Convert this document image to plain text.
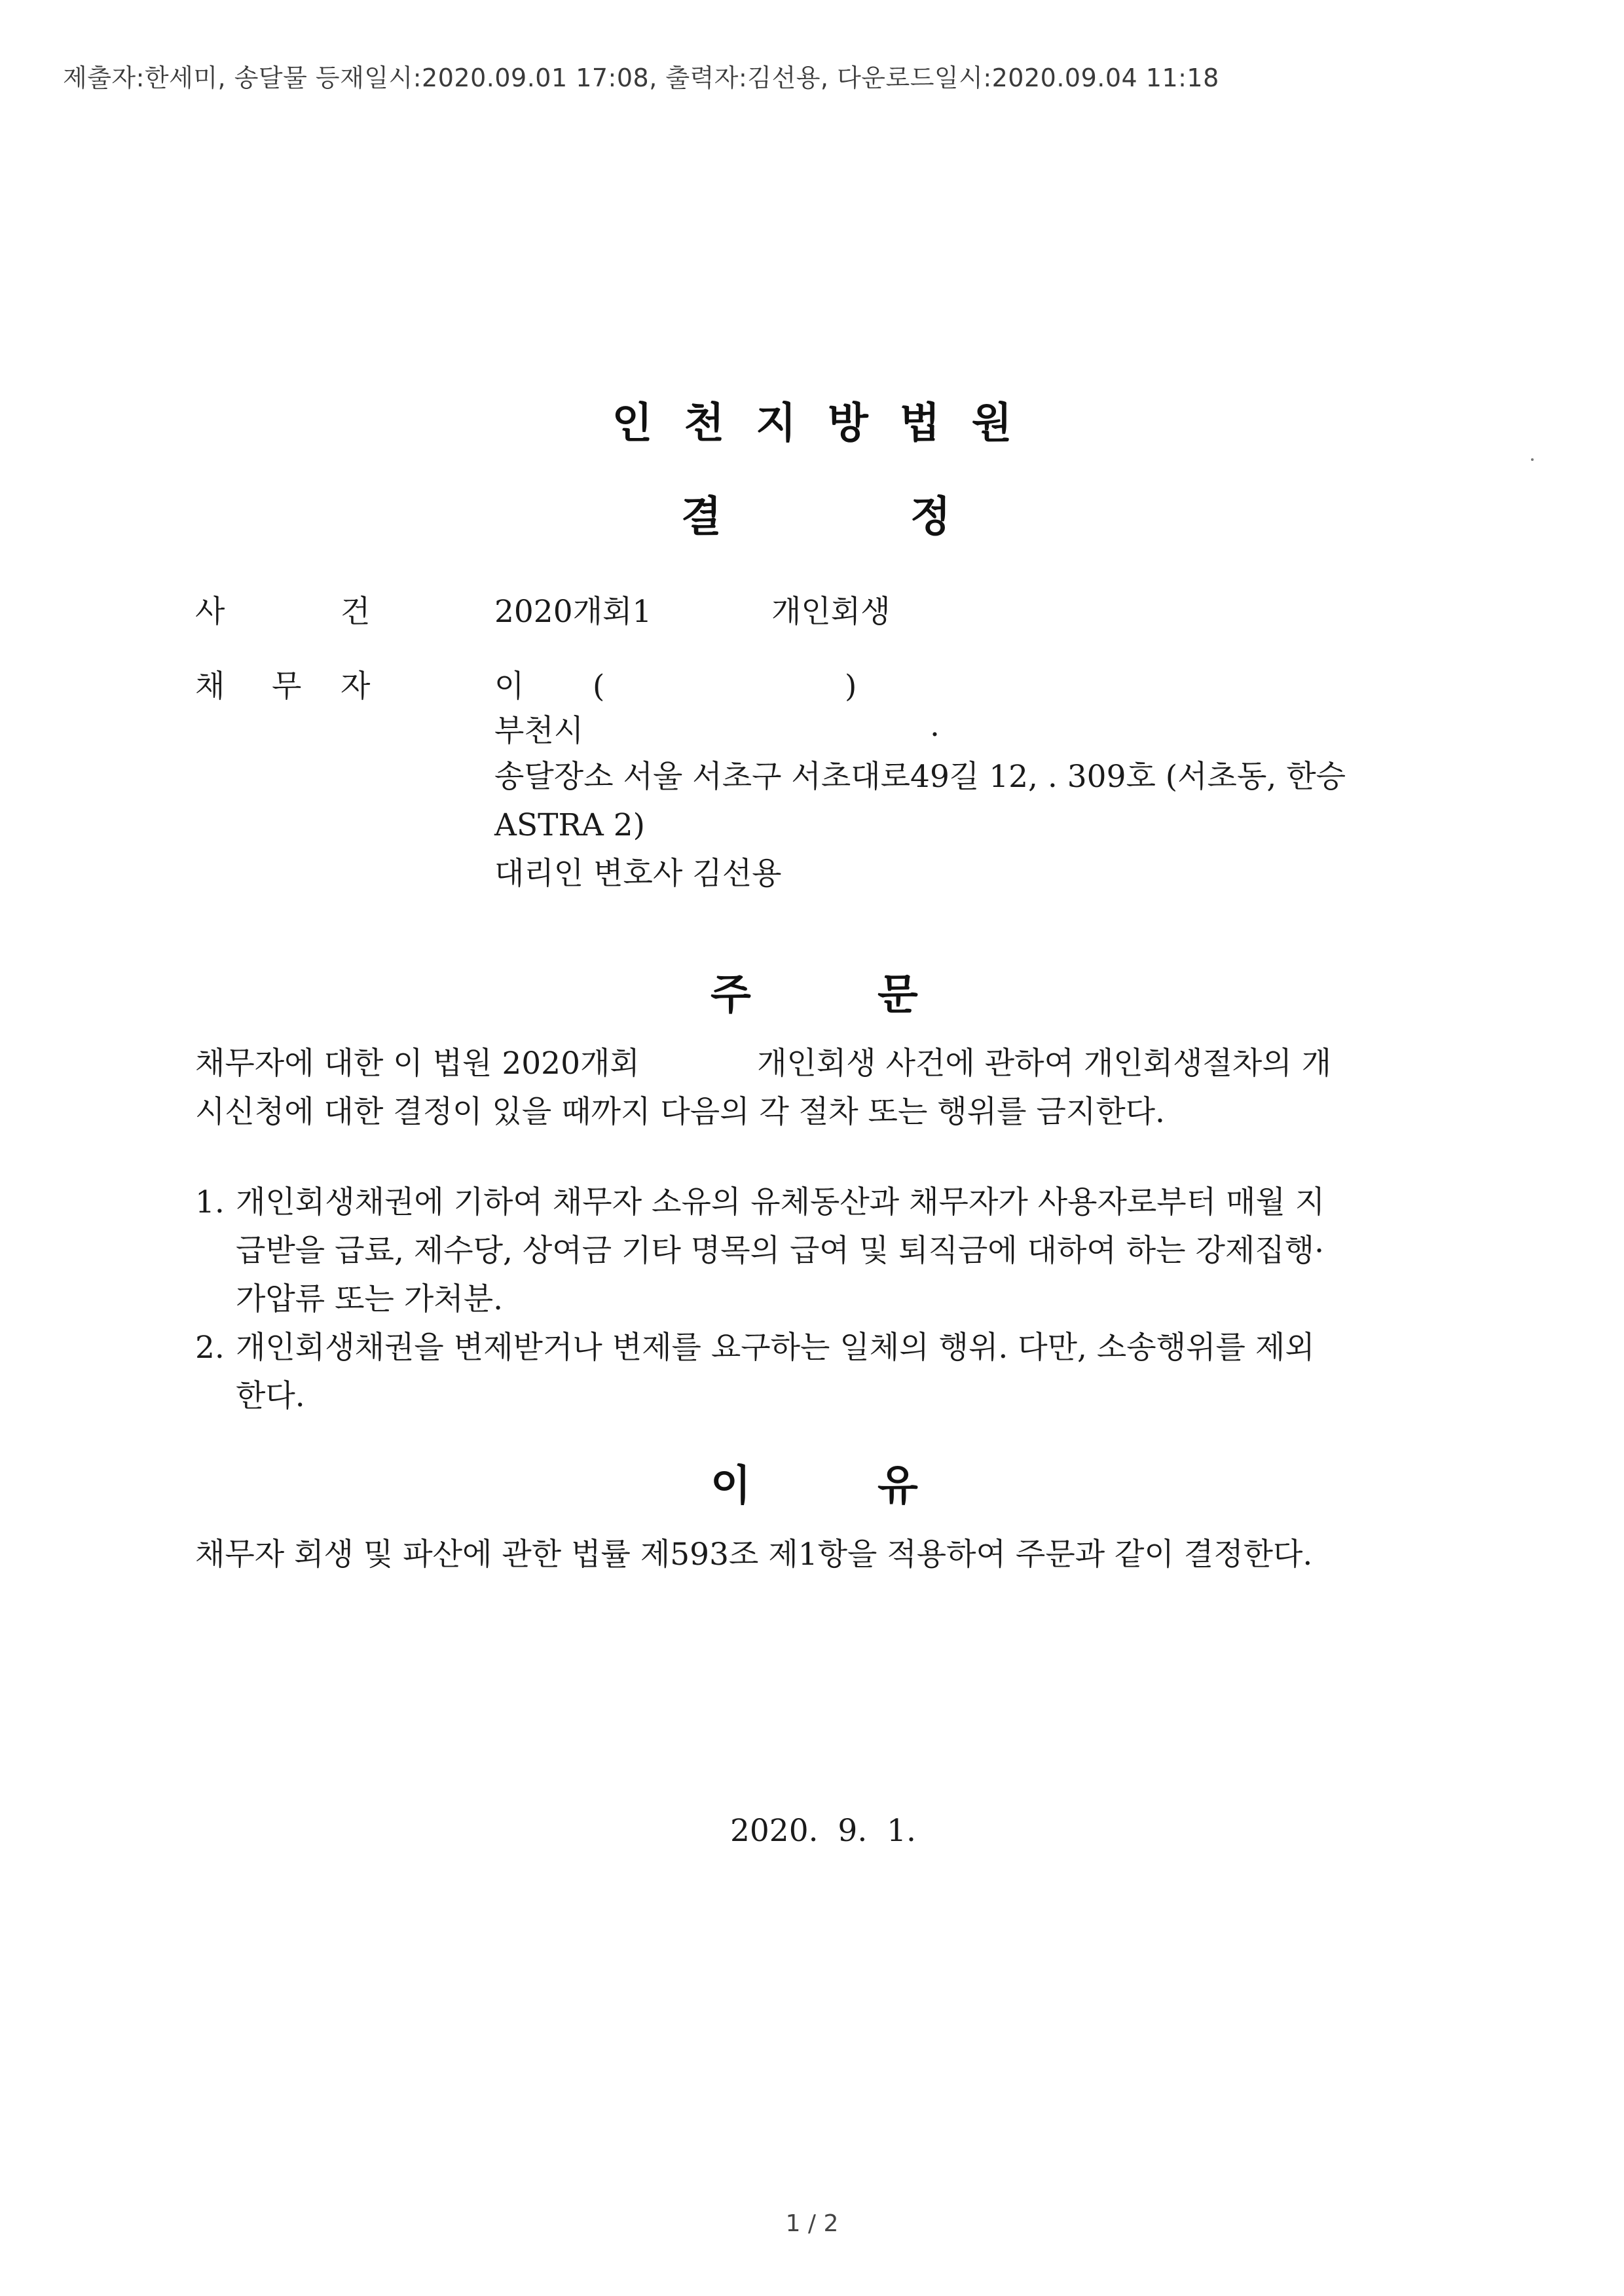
제출자:한세미, 송달물 등재일시:2020.09.01 17:08, 출력자:김선용, 다운로드일시:2020.09.04 11:18
인천지방법원
결	정
사	건	2020개회1	개인회생
채 무 자	이 (	)
부천시	.
송달장소 서울 서초구 서초대로49길 12, . 309호 (서초동, 한승
ASTRA 2)
대리인 변호사 김선용
주	문
채무자에 대한 이 법원 2020개회            개인회생 사건에 관하여 개인회생절차의 개
시신청에 대한 결정이 있을 때까지 다음의 각 절차 또는 행위를 금지한다.
1. 개인회생채권에 기하여 채무자 소유의 유체동산과 채무자가 사용자로부터 매월 지
급받을 급료, 제수당, 상여금 기타 명목의 급여 및 퇴직금에 대하여 하는 강제집행·
가압류 또는 가처분.
2. 개인회생채권을 변제받거나 변제를 요구하는 일체의 행위. 다만, 소송행위를 제외
한다.
이	유
채무자 회생 및 파산에 관한 법률 제593조 제1항을 적용하여 주문과 같이 결정한다.
2020.  9.  1.
1 / 2
